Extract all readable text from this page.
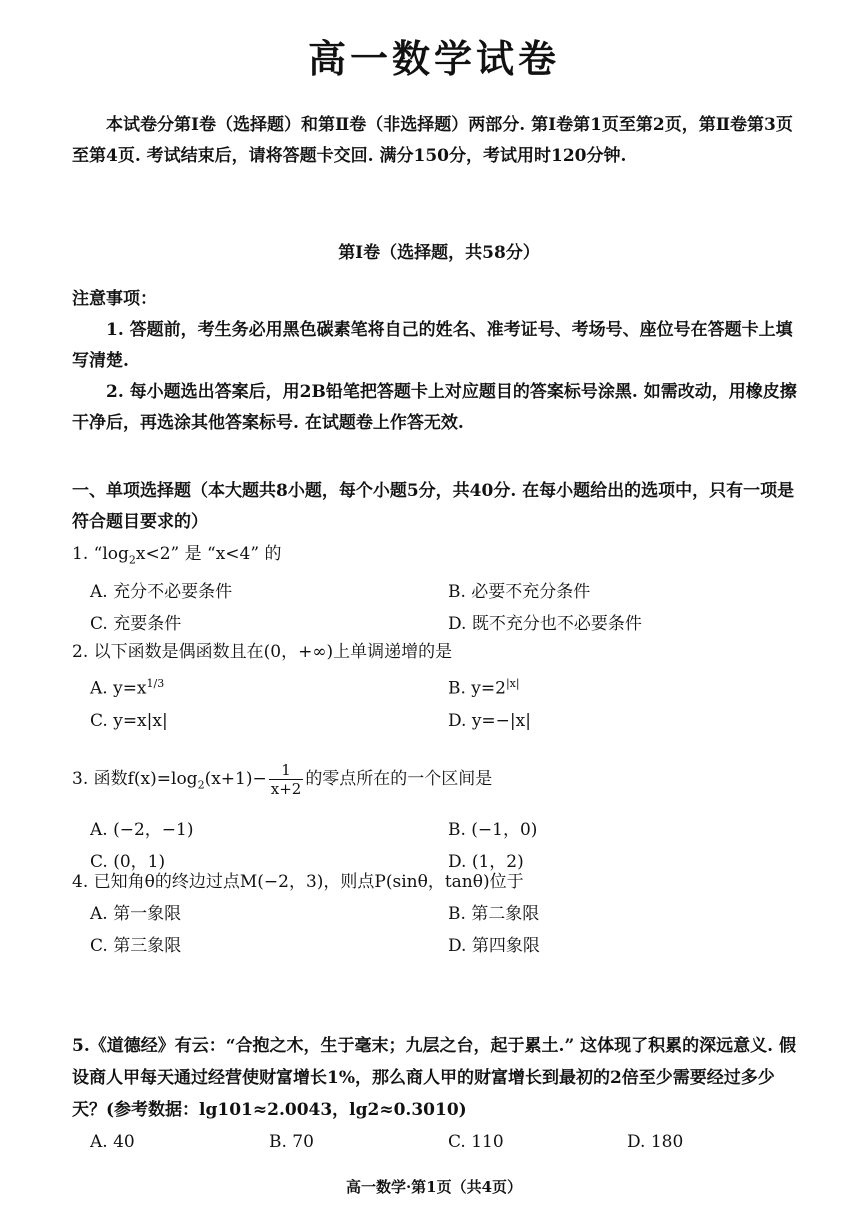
高一数学试卷
本试卷分第Ⅰ卷（选择题）和第Ⅱ卷（非选择题）两部分. 第Ⅰ卷第1页至第2页，第Ⅱ卷第3页至第4页. 考试结束后，请将答题卡交回. 满分150分，考试用时120分钟.
第Ⅰ卷（选择题，共58分）
注意事项：
1. 答题前，考生务必用黑色碳素笔将自己的姓名、准考证号、考场号、座位号在答题卡上填写清楚.
2. 每小题选出答案后，用2B铅笔把答题卡上对应题目的答案标号涂黑. 如需改动，用橡皮擦干净后，再选涂其他答案标号. 在试题卷上作答无效.
一、单项选择题（本大题共8小题，每个小题5分，共40分. 在每小题给出的选项中，只有一项是符合题目要求的）
1. “$\log_2x<2$” 是 “x<4” 的
A. 充分不必要条件	B. 必要不充分条件
C. 充要条件	D. 既不充分也不必要条件
2. 以下函数是偶函数且在(0，+∞)上单调递增的是
A. $y=x^{1/3}$	B. $y=2^{|x|}$
C. y=x|x|	D. y=−|x|
3. 函数$f(x)=\log_2(x+1)- \frac{1}{x+2}$ 的零点所在的一个区间是
A. (−2，−1)	B. (−1，0)
C. (0，1)	D. (1，2)
4. 已知角θ的终边过点M(−2，3)，则点P(sinθ，tanθ)位于
A. 第一象限	B. 第二象限
C. 第三象限	D. 第四象限
5.《道德经》有云：“合抱之木，生于毫末；九层之台，起于累土.” 这体现了积累的深远意义. 假设商人甲每天通过经营使财富增长1%，那么商人甲的财富增长到最初的2倍至少需要经过多少天？(参考数据：lg101≈2.0043，lg2≈0.3010)
A. 40	B. 70	C. 110	D. 180
高一数学·第1页（共4页）
